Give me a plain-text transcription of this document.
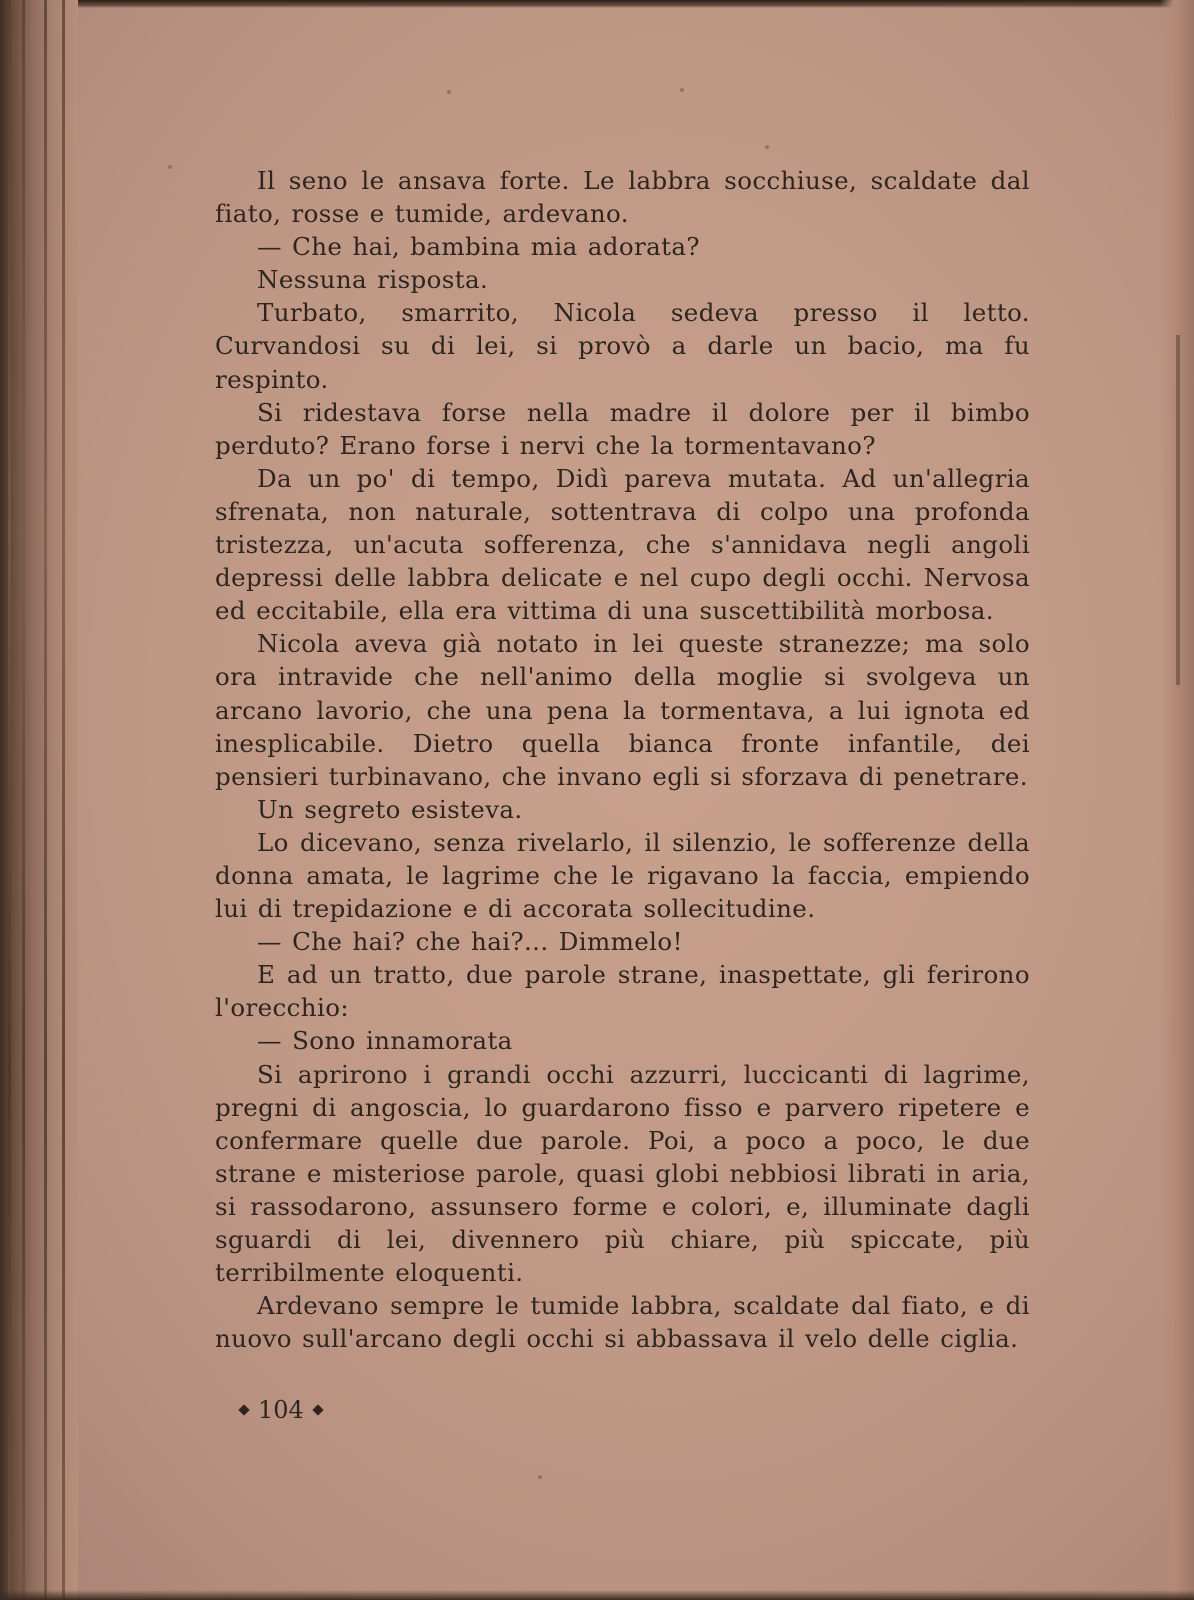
Il seno le ansava forte. Le labbra socchiuse, scaldate dal fiato, rosse e tumide, ardevano.

— Che hai, bambina mia adorata?

Nessuna risposta.

Turbato, smarrito, Nicola sedeva presso il letto. Curvandosi su di lei, si provò a darle un bacio, ma fu respinto.

Si ridestava forse nella madre il dolore per il bimbo perduto? Erano forse i nervi che la tormentavano?

Da un po' di tempo, Didì pareva mutata. Ad un'allegria sfrenata, non naturale, sottentrava di colpo una profonda tristezza, un'acuta sofferenza, che s'annidava negli angoli depressi delle labbra delicate e nel cupo degli occhi. Nervosa ed eccitabile, ella era vittima di una suscettibilità morbosa.

Nicola aveva già notato in lei queste stranezze; ma solo ora intravide che nell'animo della moglie si svolgeva un arcano lavorio, che una pena la tormentava, a lui ignota ed inesplicabile. Dietro quella bianca fronte infantile, dei pensieri turbinavano, che invano egli si sforzava di penetrare.

Un segreto esisteva.

Lo dicevano, senza rivelarlo, il silenzio, le sofferenze della donna amata, le lagrime che le rigavano la faccia, empiendo lui di trepidazione e di accorata sollecitudine.

— Che hai? che hai?... Dimmelo!

E ad un tratto, due parole strane, inaspettate, gli ferirono l'orecchio:

— Sono innamorata

Si aprirono i grandi occhi azzurri, luccicanti di lagrime, pregni di angoscia, lo guardarono fisso e parvero ripetere e confermare quelle due parole. Poi, a poco a poco, le due strane e misteriose parole, quasi globi nebbiosi librati in aria, si rassodarono, assunsero forme e colori, e, illuminate dagli sguardi di lei, divennero più chiare, più spiccate, più terribilmente eloquenti.

Ardevano sempre le tumide labbra, scaldate dal fiato, e di nuovo sull'arcano degli occhi si abbassava il velo delle ciglia.

104
